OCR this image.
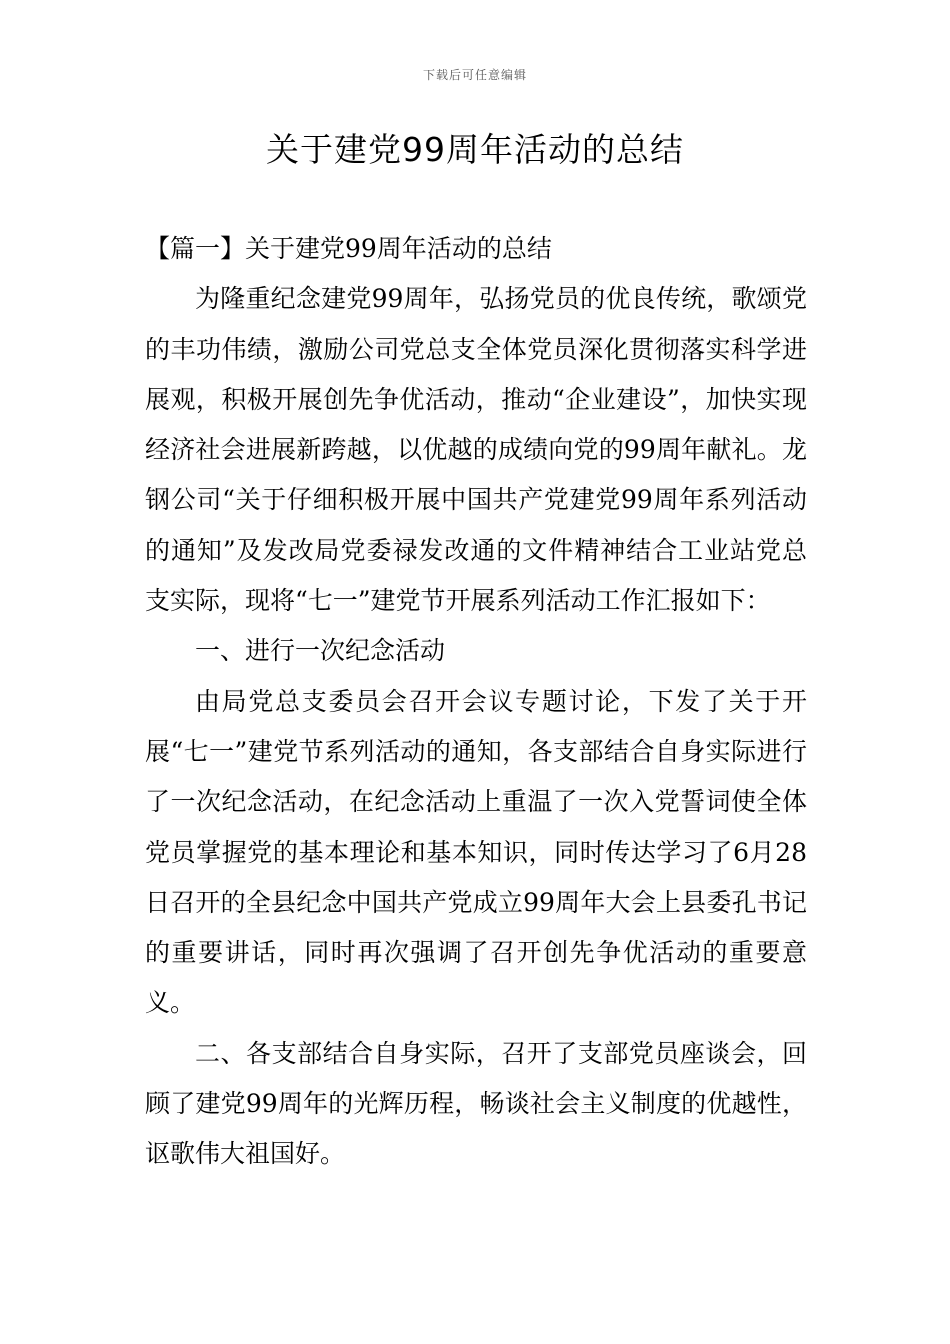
下载后可任意编辑
关于建党99周年活动的总结

【篇一】关于建党99周年活动的总结

为隆重纪念建党99周年，弘扬党员的优良传统，歌颂党的丰功伟绩，激励公司党总支全体党员深化贯彻落实科学进展观，积极开展创先争优活动，推动“企业建设”，加快实现经济社会进展新跨越，以优越的成绩向党的99周年献礼。龙钢公司“关于仔细积极开展中国共产党建党99周年系列活动的通知”及发改局党委禄发改通的文件精神结合工业站党总支实际，现将“七一”建党节开展系列活动工作汇报如下：

一、进行一次纪念活动

由局党总支委员会召开会议专题讨论，下发了关于开展“七一”建党节系列活动的通知，各支部结合自身实际进行了一次纪念活动，在纪念活动上重温了一次入党誓词使全体党员掌握党的基本理论和基本知识，同时传达学习了6月28日召开的全县纪念中国共产党成立99周年大会上县委孔书记的重要讲话，同时再次强调了召开创先争优活动的重要意义。

二、各支部结合自身实际，召开了支部党员座谈会，回顾了建党99周年的光辉历程，畅谈社会主义制度的优越性，讴歌伟大祖国好。
